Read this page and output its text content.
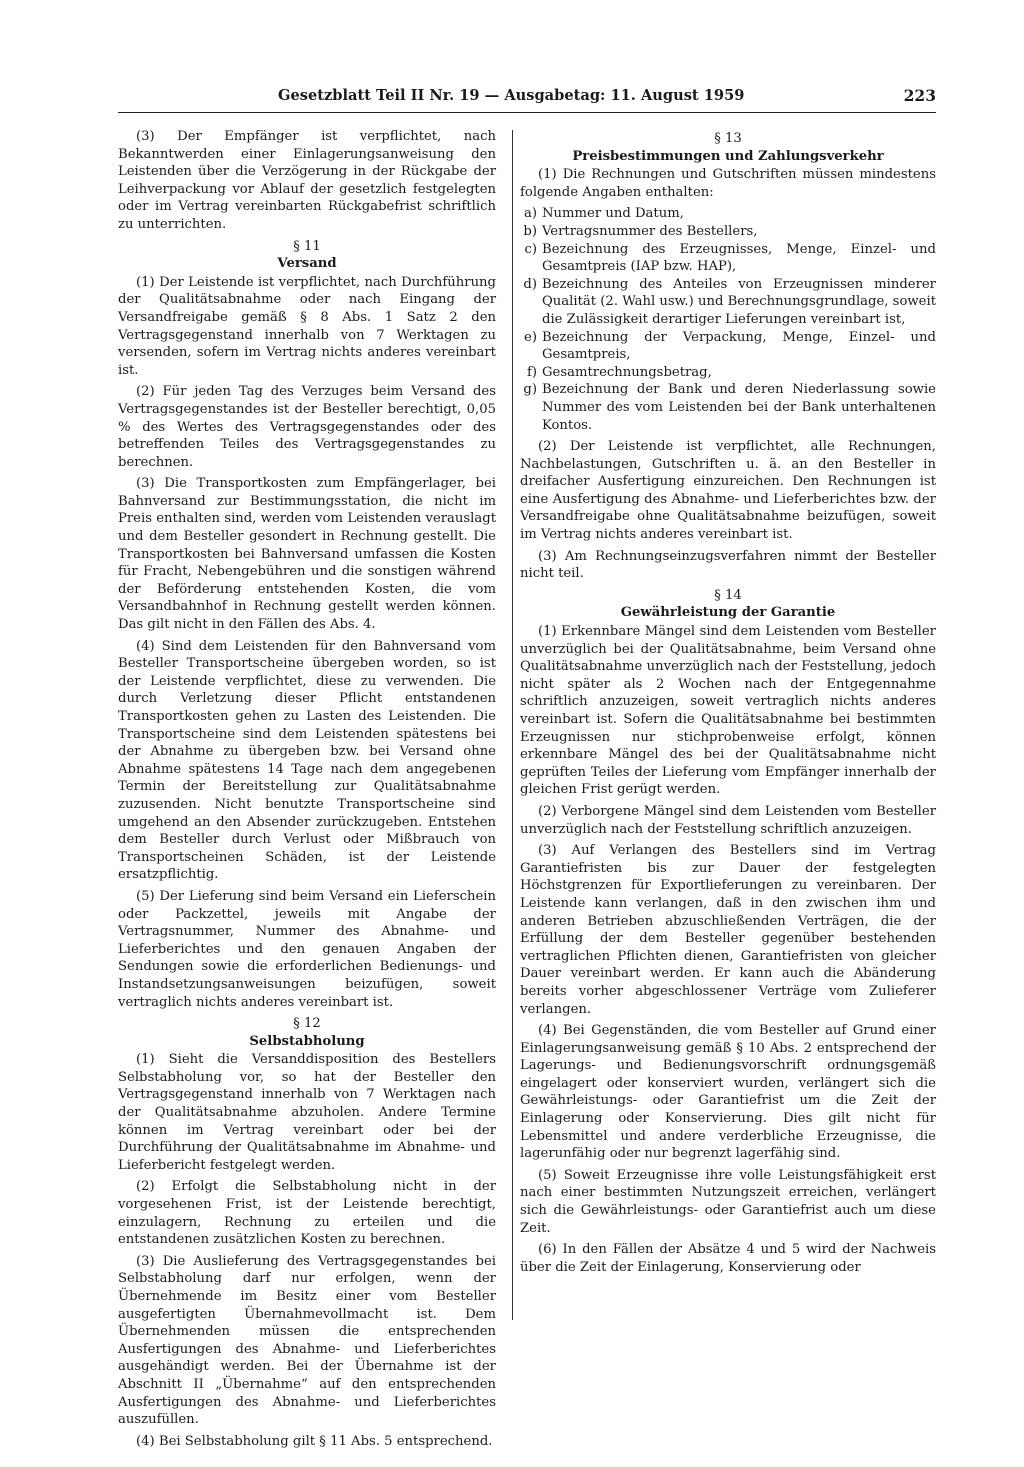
Gesetzblatt Teil II Nr. 19 — Ausgabetag: 11. August 1959	223

(3) Der Empfänger ist verpflichtet, nach Bekanntwerden einer Einlagerungsanweisung den Leistenden über die Verzögerung in der Rückgabe der Leihverpackung vor Ablauf der gesetzlich festgelegten oder im Vertrag vereinbarten Rückgabefrist schriftlich zu unterrichten.

§ 11
Versand

(1) Der Leistende ist verpflichtet, nach Durchführung der Qualitätsabnahme oder nach Eingang der Versandfreigabe gemäß § 8 Abs. 1 Satz 2 den Vertragsgegenstand innerhalb von 7 Werktagen zu versenden, sofern im Vertrag nichts anderes vereinbart ist.

(2) Für jeden Tag des Verzuges beim Versand des Vertragsgegenstandes ist der Besteller berechtigt, 0,05 % des Wertes des Vertragsgegenstandes oder des betreffenden Teiles des Vertragsgegenstandes zu berechnen.

(3) Die Transportkosten zum Empfängerlager, bei Bahnversand zur Bestimmungsstation, die nicht im Preis enthalten sind, werden vom Leistenden verauslagt und dem Besteller gesondert in Rechnung gestellt. Die Transportkosten bei Bahnversand umfassen die Kosten für Fracht, Nebengebühren und die sonstigen während der Beförderung entstehenden Kosten, die vom Versandbahnhof in Rechnung gestellt werden können. Das gilt nicht in den Fällen des Abs. 4.

(4) Sind dem Leistenden für den Bahnversand vom Besteller Transportscheine übergeben worden, so ist der Leistende verpflichtet, diese zu verwenden. Die durch Verletzung dieser Pflicht entstandenen Transportkosten gehen zu Lasten des Leistenden. Die Transportscheine sind dem Leistenden spätestens bei der Abnahme zu übergeben bzw. bei Versand ohne Abnahme spätestens 14 Tage nach dem angegebenen Termin der Bereitstellung zur Qualitätsabnahme zuzusenden. Nicht benutzte Transportscheine sind umgehend an den Absender zurückzugeben. Entstehen dem Besteller durch Verlust oder Mißbrauch von Transportscheinen Schäden, ist der Leistende ersatzpflichtig.

(5) Der Lieferung sind beim Versand ein Lieferschein oder Packzettel, jeweils mit Angabe der Vertragsnummer, Nummer des Abnahme- und Lieferberichtes und den genauen Angaben der Sendungen sowie die erforderlichen Bedienungs- und Instandsetzungsanweisungen beizufügen, soweit vertraglich nichts anderes vereinbart ist.

§ 12
Selbstabholung

(1) Sieht die Versanddisposition des Bestellers Selbstabholung vor, so hat der Besteller den Vertragsgegenstand innerhalb von 7 Werktagen nach der Qualitätsabnahme abzuholen. Andere Termine können im Vertrag vereinbart oder bei der Durchführung der Qualitätsabnahme im Abnahme- und Lieferbericht festgelegt werden.

(2) Erfolgt die Selbstabholung nicht in der vorgesehenen Frist, ist der Leistende berechtigt, einzulagern, Rechnung zu erteilen und die entstandenen zusätzlichen Kosten zu berechnen.

(3) Die Auslieferung des Vertragsgegenstandes bei Selbstabholung darf nur erfolgen, wenn der Übernehmende im Besitz einer vom Besteller ausgefertigten Übernahmevollmacht ist. Dem Übernehmenden müssen die entsprechenden Ausfertigungen des Abnahme- und Lieferberichtes ausgehändigt werden. Bei der Übernahme ist der Abschnitt II „Übernahme“ auf den entsprechenden Ausfertigungen des Abnahme- und Lieferberichtes auszufüllen.

(4) Bei Selbstabholung gilt § 11 Abs. 5 entsprechend.

§ 13
Preisbestimmungen und Zahlungsverkehr

(1) Die Rechnungen und Gutschriften müssen mindestens folgende Angaben enthalten:

a) Nummer und Datum,
b) Vertragsnummer des Bestellers,
c) Bezeichnung des Erzeugnisses, Menge, Einzel- und Gesamtpreis (IAP bzw. HAP),
d) Bezeichnung des Anteiles von Erzeugnissen minderer Qualität (2. Wahl usw.) und Berechnungsgrundlage, soweit die Zulässigkeit derartiger Lieferungen vereinbart ist,
e) Bezeichnung der Verpackung, Menge, Einzel- und Gesamtpreis,
f) Gesamtrechnungsbetrag,
g) Bezeichnung der Bank und deren Niederlassung sowie Nummer des vom Leistenden bei der Bank unterhaltenen Kontos.

(2) Der Leistende ist verpflichtet, alle Rechnungen, Nachbelastungen, Gutschriften u. ä. an den Besteller in dreifacher Ausfertigung einzureichen. Den Rechnungen ist eine Ausfertigung des Abnahme- und Lieferberichtes bzw. der Versandfreigabe ohne Qualitätsabnahme beizufügen, soweit im Vertrag nichts anderes vereinbart ist.

(3) Am Rechnungseinzugsverfahren nimmt der Besteller nicht teil.

§ 14
Gewährleistung der Garantie

(1) Erkennbare Mängel sind dem Leistenden vom Besteller unverzüglich bei der Qualitätsabnahme, beim Versand ohne Qualitätsabnahme unverzüglich nach der Feststellung, jedoch nicht später als 2 Wochen nach der Entgegennahme schriftlich anzuzeigen, soweit vertraglich nichts anderes vereinbart ist. Sofern die Qualitätsabnahme bei bestimmten Erzeugnissen nur stichprobenweise erfolgt, können erkennbare Mängel des bei der Qualitätsabnahme nicht geprüften Teiles der Lieferung vom Empfänger innerhalb der gleichen Frist gerügt werden.

(2) Verborgene Mängel sind dem Leistenden vom Besteller unverzüglich nach der Feststellung schriftlich anzuzeigen.

(3) Auf Verlangen des Bestellers sind im Vertrag Garantiefristen bis zur Dauer der festgelegten Höchstgrenzen für Exportlieferungen zu vereinbaren. Der Leistende kann verlangen, daß in den zwischen ihm und anderen Betrieben abzuschließenden Verträgen, die der Erfüllung der dem Besteller gegenüber bestehenden vertraglichen Pflichten dienen, Garantiefristen von gleicher Dauer vereinbart werden. Er kann auch die Abänderung bereits vorher abgeschlossener Verträge vom Zulieferer verlangen.

(4) Bei Gegenständen, die vom Besteller auf Grund einer Einlagerungsanweisung gemäß § 10 Abs. 2 entsprechend der Lagerungs- und Bedienungsvorschrift ordnungsgemäß eingelagert oder konserviert wurden, verlängert sich die Gewährleistungs- oder Garantiefrist um die Zeit der Einlagerung oder Konservierung. Dies gilt nicht für Lebensmittel und andere verderbliche Erzeugnisse, die lagerunfähig oder nur begrenzt lagerfähig sind.

(5) Soweit Erzeugnisse ihre volle Leistungsfähigkeit erst nach einer bestimmten Nutzungszeit erreichen, verlängert sich die Gewährleistungs- oder Garantiefrist auch um diese Zeit.

(6) In den Fällen der Absätze 4 und 5 wird der Nachweis über die Zeit der Einlagerung, Konservierung oder
